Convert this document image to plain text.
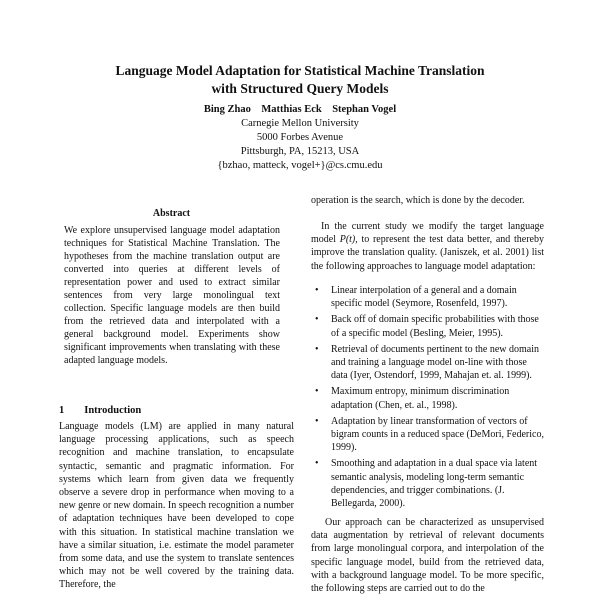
Language Model Adaptation for Statistical Machine Translation
with Structured Query Models
Bing Zhao    Matthias Eck    Stephan Vogel
Carnegie Mellon University
5000 Forbes Avenue
Pittsburgh, PA, 15213, USA
{bzhao, matteck, vogel+}@cs.cmu.edu
Abstract
We explore unsupervised language model adaptation techniques for Statistical Machine Translation. The hypotheses from the machine translation output are converted into queries at different levels of representation power and used to extract similar sentences from very large monolingual text collection. Specific language models are then build from the retrieved data and interpolated with a general background model. Experiments show significant improvements when translating with these adapted language models.
1 Introduction
Language models (LM) are applied in many natural language processing applications, such as speech recognition and machine translation, to encapsulate syntactic, semantic and pragmatic information. For systems which learn from given data we frequently observe a severe drop in performance when moving to a new genre or new domain. In speech recognition a number of adaptation techniques have been developed to cope with this situation. In statistical machine translation we have a similar situation, i.e. estimate the model parameter from some data, and use the system to translate sentences which may not be well covered by the training data. Therefore, the
operation is the search, which is done by the decoder.
In the current study we modify the target language model P(t), to represent the test data better, and thereby improve the translation quality. (Janiszek, et al. 2001) list the following approaches to language model adaptation:
• Linear interpolation of a general and a domain specific model (Seymore, Rosenfeld, 1997).
• Back off of domain specific probabilities with those of a specific model (Besling, Meier, 1995).
• Retrieval of documents pertinent to the new domain and training a language model on-line with those data (Iyer, Ostendorf, 1999, Mahajan et. al. 1999).
• Maximum entropy, minimum discrimination adaptation (Chen, et. al., 1998).
• Adaptation by linear transformation of vectors of bigram counts in a reduced space (DeMori, Federico, 1999).
• Smoothing and adaptation in a dual space via latent semantic analysis, modeling long-term semantic dependencies, and trigger combinations. (J. Bellegarda, 2000).
Our approach can be characterized as unsupervised data augmentation by retrieval of relevant documents from large monolingual corpora, and interpolation of the specific language model, build from the retrieved data, with a background language model. To be more specific, the following steps are carried out to do the
